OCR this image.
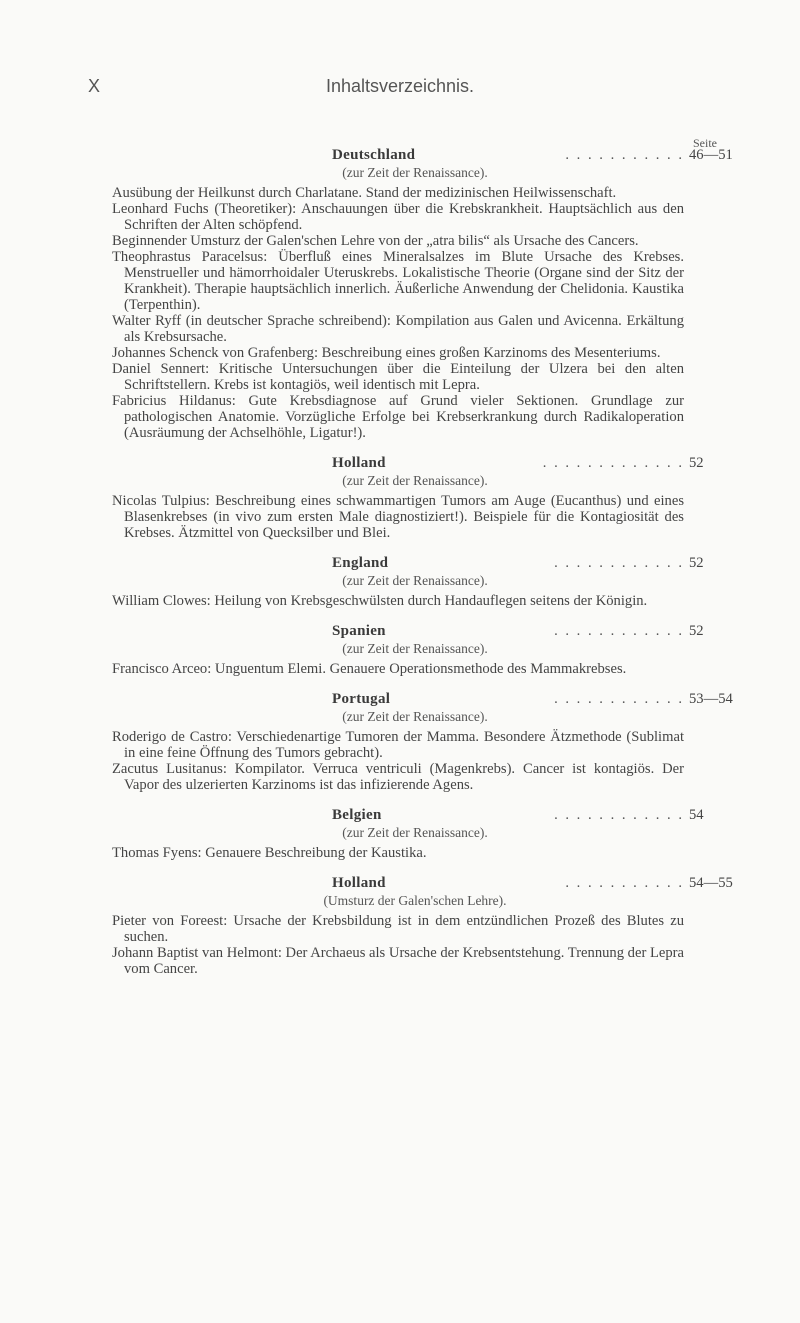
X	Inhaltsverzeichnis.
Seite
Deutschland	. . . . . . . . . . . 46—51
(zur Zeit der Renaissance).

Ausübung der Heilkunst durch Charlatane. Stand der medizinischen Heilwissenschaft.

Leonhard Fuchs (Theoretiker): Anschauungen über die Krebskrankheit. Hauptsächlich aus den Schriften der Alten schöpfend.

Beginnender Umsturz der Galen'schen Lehre von der „atra bilis“ als Ursache des Cancers.

Theophrastus Paracelsus: Überfluß eines Mineralsalzes im Blute Ursache des Krebses. Menstrueller und hämorrhoidaler Uteruskrebs. Lokalistische Theorie (Organe sind der Sitz der Krankheit). Therapie hauptsächlich innerlich. Äußerliche Anwendung der Chelidonia. Kaustika (Terpenthin).

Walter Ryff (in deutscher Sprache schreibend): Kompilation aus Galen und Avicenna. Erkältung als Krebsursache.

Johannes Schenck von Grafenberg: Beschreibung eines großen Karzinoms des Mesenteriums.

Daniel Sennert: Kritische Untersuchungen über die Einteilung der Ulzera bei den alten Schriftstellern. Krebs ist kontagiös, weil identisch mit Lepra.

Fabricius Hildanus: Gute Krebsdiagnose auf Grund vieler Sektionen. Grundlage zur pathologischen Anatomie. Vorzügliche Erfolge bei Krebserkrankung durch Radikaloperation (Ausräumung der Achselhöhle, Ligatur!).

Holland	. . . . . . . . . . . . . 52
(zur Zeit der Renaissance).

Nicolas Tulpius: Beschreibung eines schwammartigen Tumors am Auge (Eucanthus) und eines Blasenkrebses (in vivo zum ersten Male diagnostiziert!). Beispiele für die Kontagiosität des Krebses. Ätzmittel von Quecksilber und Blei.

England	. . . . . . . . . . . . 52
(zur Zeit der Renaissance).

William Clowes: Heilung von Krebsgeschwülsten durch Handauflegen seitens der Königin.

Spanien	. . . . . . . . . . . . 52
(zur Zeit der Renaissance).

Francisco Arceo: Unguentum Elemi. Genauere Operationsmethode des Mammakrebses.

Portugal	. . . . . . . . . . . . 53—54
(zur Zeit der Renaissance).

Roderigo de Castro: Verschiedenartige Tumoren der Mamma. Besondere Ätzmethode (Sublimat in eine feine Öffnung des Tumors gebracht).

Zacutus Lusitanus: Kompilator. Verruca ventriculi (Magenkrebs). Cancer ist kontagiös. Der Vapor des ulzerierten Karzinoms ist das infizierende Agens.

Belgien	. . . . . . . . . . . . 54
(zur Zeit der Renaissance).

Thomas Fyens: Genauere Beschreibung der Kaustika.

Holland	. . . . . . . . . . . 54—55
(Umsturz der Galen'schen Lehre).

Pieter von Foreest: Ursache der Krebsbildung ist in dem entzündlichen Prozeß des Blutes zu suchen.

Johann Baptist van Helmont: Der Archaeus als Ursache der Krebsentstehung. Trennung der Lepra vom Cancer.
